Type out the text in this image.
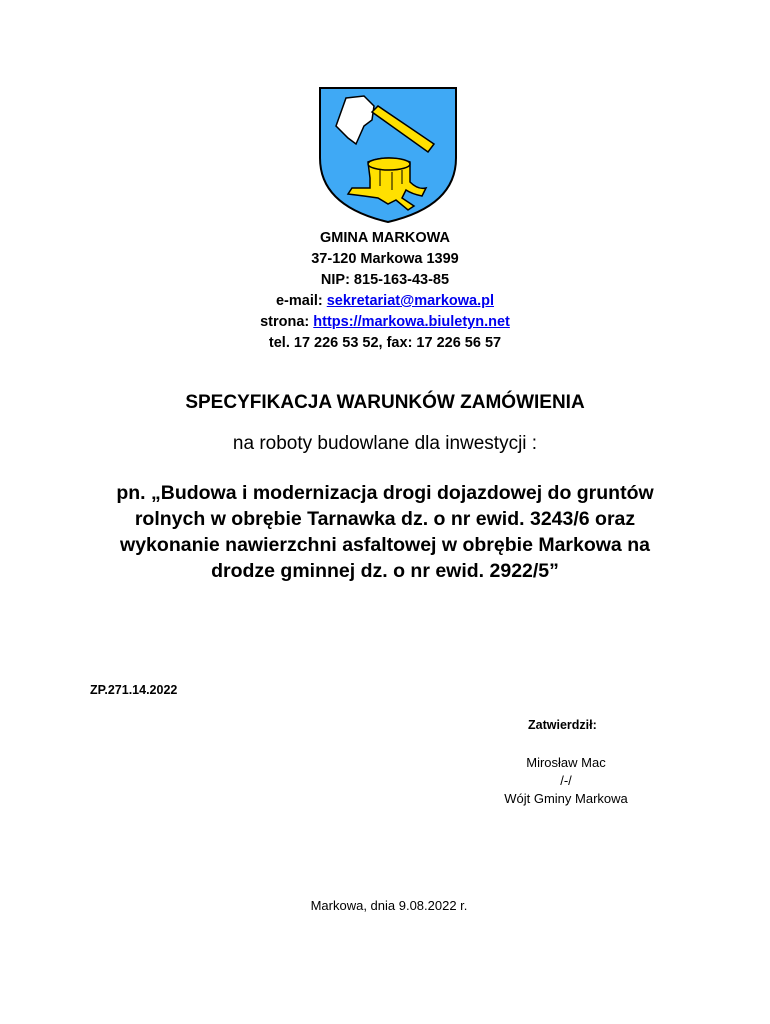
GMINA MARKOWA
37-120 Markowa 1399
NIP: 815-163-43-85
e-mail: sekretariat@markowa.pl
strona: https://markowa.biuletyn.net
tel. 17 226 53 52, fax: 17 226 56 57
SPECYFIKACJA WARUNKÓW ZAMÓWIENIA
na roboty budowlane dla inwestycji :
pn. „Budowa i modernizacja drogi dojazdowej do gruntów
rolnych w obrębie Tarnawka dz. o nr ewid. 3243/6 oraz
wykonanie nawierzchni asfaltowej w obrębie Markowa na
drodze gminnej dz. o nr ewid. 2922/5”
ZP.271.14.2022
Zatwierdził:
Mirosław Mac
/-/
Wójt Gminy Markowa
Markowa, dnia 9.08.2022 r.
